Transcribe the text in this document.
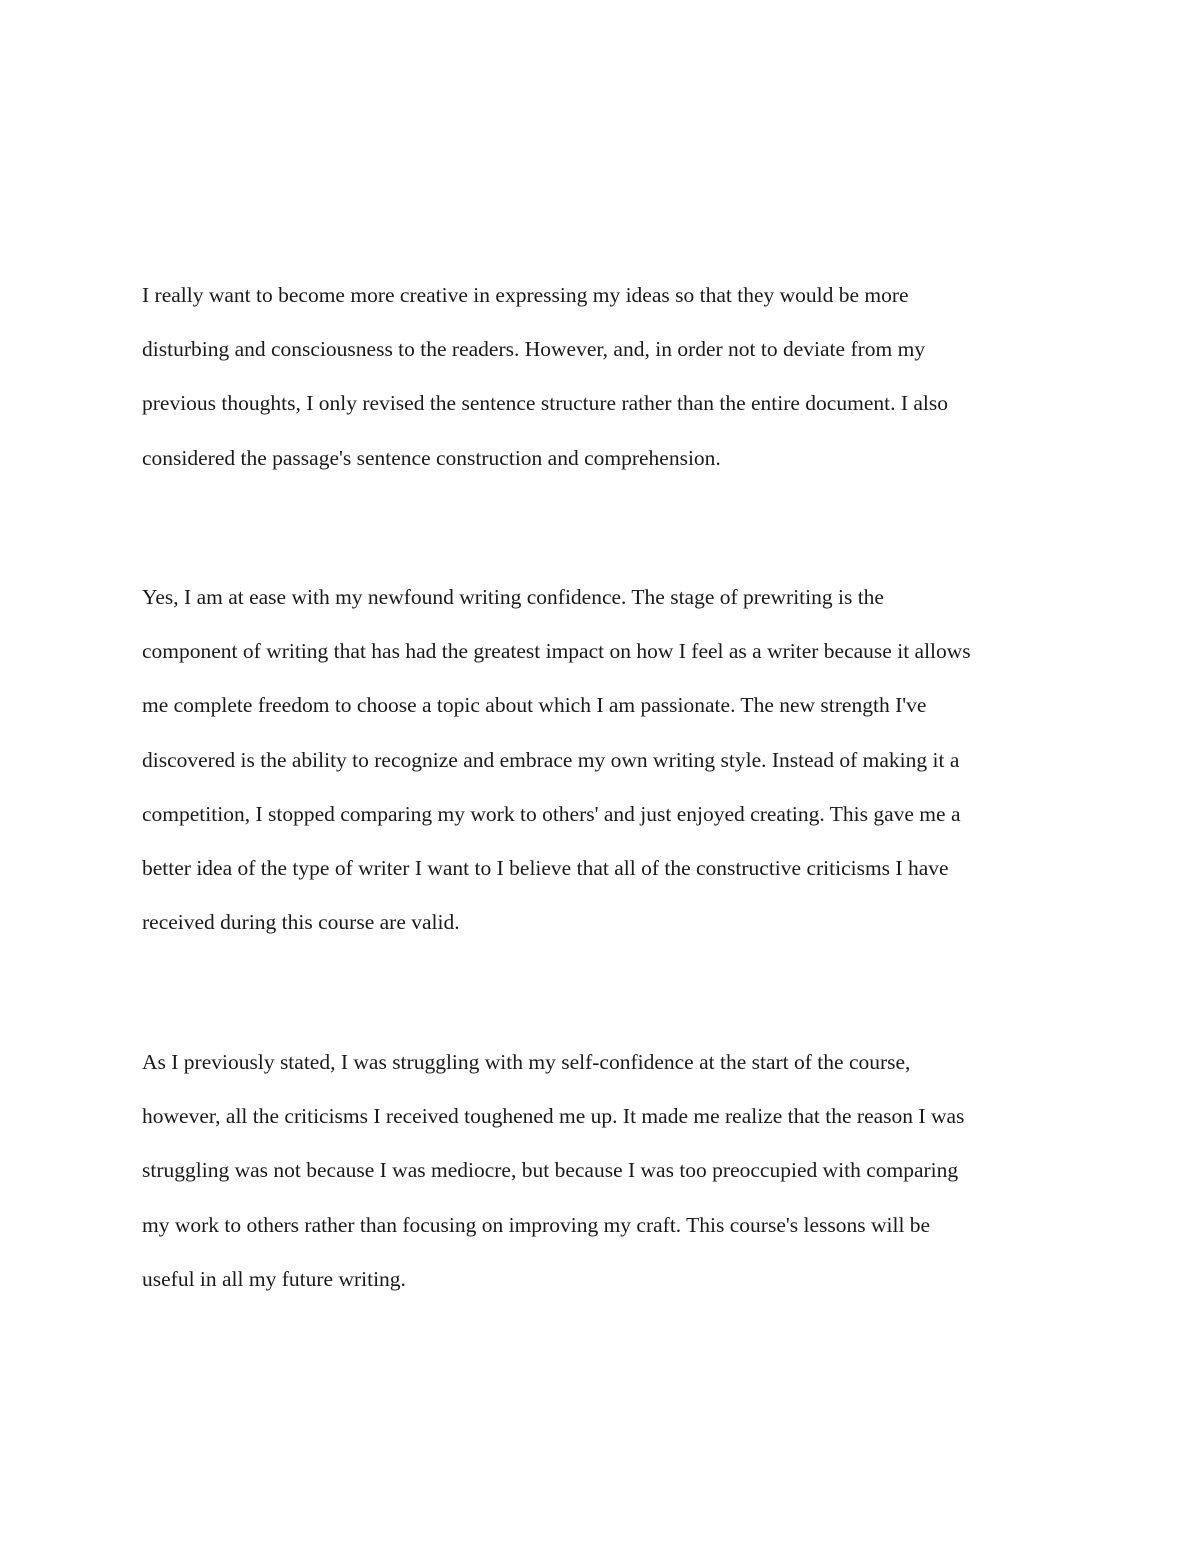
I really want to become more creative in expressing my ideas so that they would be more
disturbing and consciousness to the readers. However, and, in order not to deviate from my
previous thoughts, I only revised the sentence structure rather than the entire document. I also
considered the passage's sentence construction and comprehension.
Yes, I am at ease with my newfound writing confidence. The stage of prewriting is the
component of writing that has had the greatest impact on how I feel as a writer because it allows
me complete freedom to choose a topic about which I am passionate. The new strength I've
discovered is the ability to recognize and embrace my own writing style. Instead of making it a
competition, I stopped comparing my work to others' and just enjoyed creating. This gave me a
better idea of the type of writer I want to I believe that all of the constructive criticisms I have
received during this course are valid.
As I previously stated, I was struggling with my self-confidence at the start of the course,
however, all the criticisms I received toughened me up. It made me realize that the reason I was
struggling was not because I was mediocre, but because I was too preoccupied with comparing
my work to others rather than focusing on improving my craft. This course's lessons will be
useful in all my future writing.
